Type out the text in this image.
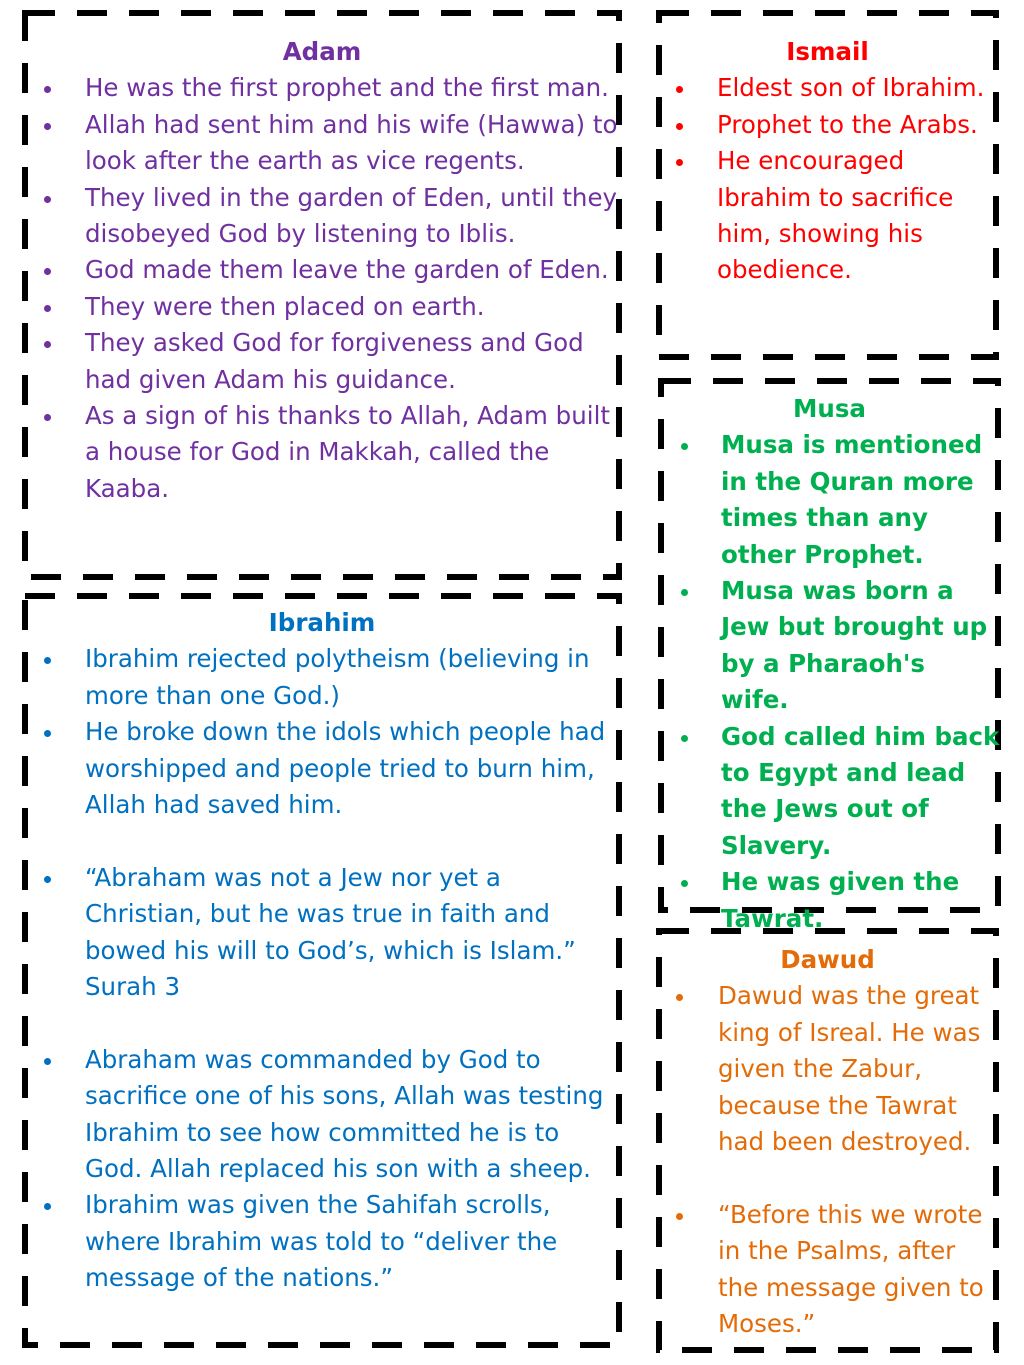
Adam
He was the first prophet and the first man.
Allah had sent him and his wife (Hawwa) to look after the earth as vice regents.
They lived in the garden of Eden, until they disobeyed God by listening to Iblis.
God made them leave the garden of Eden.
They were then placed on earth.
They asked God for forgiveness and God had given Adam his guidance.
As a sign of his thanks to Allah, Adam built a house for God in Makkah, called the Kaaba.
Ibrahim
Ibrahim rejected polytheism (believing in more than one God.)
He broke down the idols which people had worshipped and people tried to burn him, Allah had saved him.
“Abraham was not a Jew nor yet a Christian, but he was true in faith and bowed his will to God’s, which is Islam.” Surah 3
Abraham was commanded by God to sacrifice one of his sons, Allah was testing Ibrahim to see how committed he is to God. Allah replaced his son with a sheep.
Ibrahim was given the Sahifah scrolls, where Ibrahim was told to “deliver the message of the nations.”
Ismail
Eldest son of Ibrahim.
Prophet to the Arabs.
He encouraged Ibrahim to sacrifice him, showing his obedience.
Musa
Musa is mentioned in the Quran more times than any other Prophet.
Musa was born a Jew but brought up by a Pharaoh's wife.
God called him back to Egypt and lead the Jews out of Slavery.
He was given the Tawrat.
Dawud
Dawud was the great king of Isreal. He was given the Zabur, because the Tawrat had been destroyed.
“Before this we wrote in the Psalms, after the message given to Moses.”
